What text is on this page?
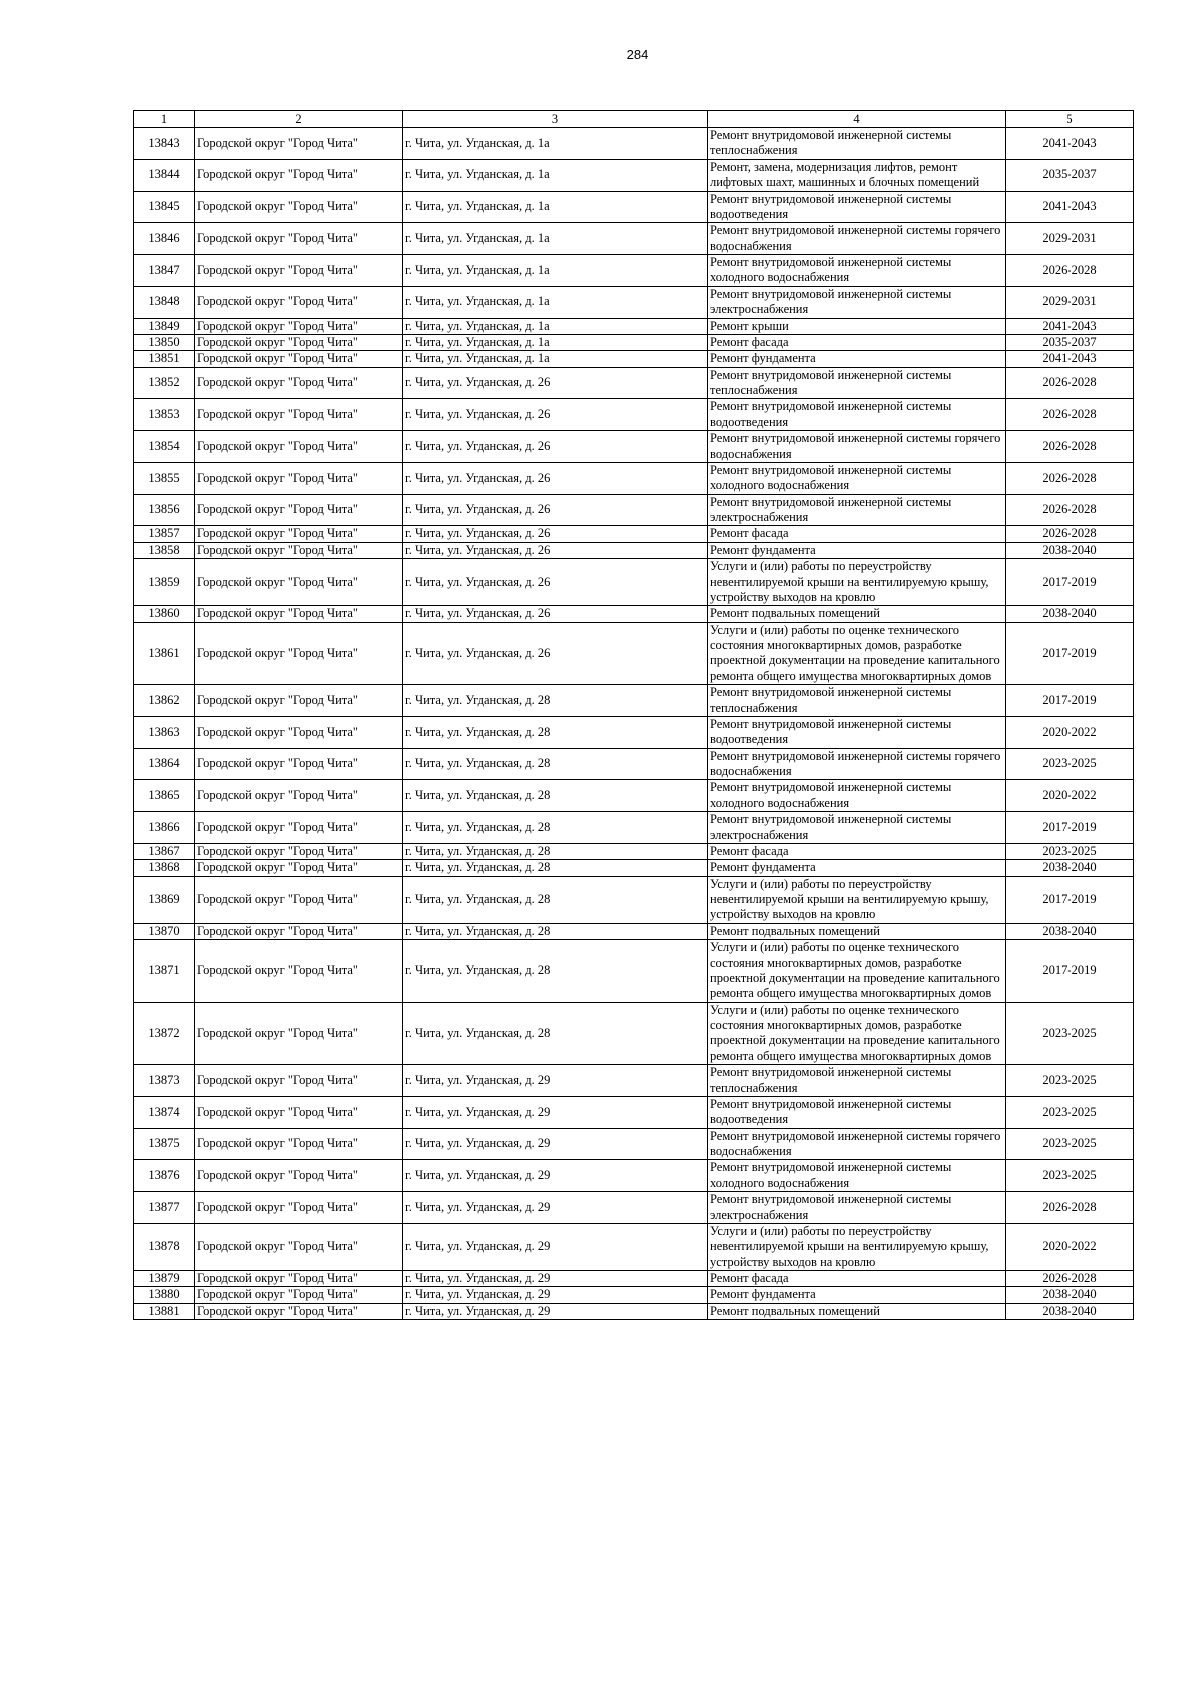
284
1	2	3	4	5
13843	Городской округ "Город Чита"	г. Чита, ул. Угданская, д. 1а	Ремонт внутридомовой инженерной системы теплоснабжения	2041-2043
13844	Городской округ "Город Чита"	г. Чита, ул. Угданская, д. 1а	Ремонт, замена, модернизация лифтов, ремонт лифтовых шахт, машинных и блочных помещений	2035-2037
13845	Городской округ "Город Чита"	г. Чита, ул. Угданская, д. 1а	Ремонт внутридомовой инженерной системы водоотведения	2041-2043
13846	Городской округ "Город Чита"	г. Чита, ул. Угданская, д. 1а	Ремонт внутридомовой инженерной системы горячего водоснабжения	2029-2031
13847	Городской округ "Город Чита"	г. Чита, ул. Угданская, д. 1а	Ремонт внутридомовой инженерной системы холодного водоснабжения	2026-2028
13848	Городской округ "Город Чита"	г. Чита, ул. Угданская, д. 1а	Ремонт внутридомовой инженерной системы электроснабжения	2029-2031
13849	Городской округ "Город Чита"	г. Чита, ул. Угданская, д. 1а	Ремонт крыши	2041-2043
13850	Городской округ "Город Чита"	г. Чита, ул. Угданская, д. 1а	Ремонт фасада	2035-2037
13851	Городской округ "Город Чита"	г. Чита, ул. Угданская, д. 1а	Ремонт фундамента	2041-2043
13852	Городской округ "Город Чита"	г. Чита, ул. Угданская, д. 26	Ремонт внутридомовой инженерной системы теплоснабжения	2026-2028
13853	Городской округ "Город Чита"	г. Чита, ул. Угданская, д. 26	Ремонт внутридомовой инженерной системы водоотведения	2026-2028
13854	Городской округ "Город Чита"	г. Чита, ул. Угданская, д. 26	Ремонт внутридомовой инженерной системы горячего водоснабжения	2026-2028
13855	Городской округ "Город Чита"	г. Чита, ул. Угданская, д. 26	Ремонт внутридомовой инженерной системы холодного водоснабжения	2026-2028
13856	Городской округ "Город Чита"	г. Чита, ул. Угданская, д. 26	Ремонт внутридомовой инженерной системы электроснабжения	2026-2028
13857	Городской округ "Город Чита"	г. Чита, ул. Угданская, д. 26	Ремонт фасада	2026-2028
13858	Городской округ "Город Чита"	г. Чита, ул. Угданская, д. 26	Ремонт фундамента	2038-2040
13859	Городской округ "Город Чита"	г. Чита, ул. Угданская, д. 26	Услуги и (или) работы по переустройству невентилируемой крыши на вентилируемую крышу, устройству выходов на кровлю	2017-2019
13860	Городской округ "Город Чита"	г. Чита, ул. Угданская, д. 26	Ремонт подвальных помещений	2038-2040
13861	Городской округ "Город Чита"	г. Чита, ул. Угданская, д. 26	Услуги и (или) работы по оценке технического состояния многоквартирных домов, разработке проектной документации на проведение капитального ремонта общего имущества многоквартирных домов	2017-2019
13862	Городской округ "Город Чита"	г. Чита, ул. Угданская, д. 28	Ремонт внутридомовой инженерной системы теплоснабжения	2017-2019
13863	Городской округ "Город Чита"	г. Чита, ул. Угданская, д. 28	Ремонт внутридомовой инженерной системы водоотведения	2020-2022
13864	Городской округ "Город Чита"	г. Чита, ул. Угданская, д. 28	Ремонт внутридомовой инженерной системы горячего водоснабжения	2023-2025
13865	Городской округ "Город Чита"	г. Чита, ул. Угданская, д. 28	Ремонт внутридомовой инженерной системы холодного водоснабжения	2020-2022
13866	Городской округ "Город Чита"	г. Чита, ул. Угданская, д. 28	Ремонт внутридомовой инженерной системы электроснабжения	2017-2019
13867	Городской округ "Город Чита"	г. Чита, ул. Угданская, д. 28	Ремонт фасада	2023-2025
13868	Городской округ "Город Чита"	г. Чита, ул. Угданская, д. 28	Ремонт фундамента	2038-2040
13869	Городской округ "Город Чита"	г. Чита, ул. Угданская, д. 28	Услуги и (или) работы по переустройству невентилируемой крыши на вентилируемую крышу, устройству выходов на кровлю	2017-2019
13870	Городской округ "Город Чита"	г. Чита, ул. Угданская, д. 28	Ремонт подвальных помещений	2038-2040
13871	Городской округ "Город Чита"	г. Чита, ул. Угданская, д. 28	Услуги и (или) работы по оценке технического состояния многоквартирных домов, разработке проектной документации на проведение капитального ремонта общего имущества многоквартирных домов	2017-2019
13872	Городской округ "Город Чита"	г. Чита, ул. Угданская, д. 28	Услуги и (или) работы по оценке технического состояния многоквартирных домов, разработке проектной документации на проведение капитального ремонта общего имущества многоквартирных домов	2023-2025
13873	Городской округ "Город Чита"	г. Чита, ул. Угданская, д. 29	Ремонт внутридомовой инженерной системы теплоснабжения	2023-2025
13874	Городской округ "Город Чита"	г. Чита, ул. Угданская, д. 29	Ремонт внутридомовой инженерной системы водоотведения	2023-2025
13875	Городской округ "Город Чита"	г. Чита, ул. Угданская, д. 29	Ремонт внутридомовой инженерной системы горячего водоснабжения	2023-2025
13876	Городской округ "Город Чита"	г. Чита, ул. Угданская, д. 29	Ремонт внутридомовой инженерной системы холодного водоснабжения	2023-2025
13877	Городской округ "Город Чита"	г. Чита, ул. Угданская, д. 29	Ремонт внутридомовой инженерной системы электроснабжения	2026-2028
13878	Городской округ "Город Чита"	г. Чита, ул. Угданская, д. 29	Услуги и (или) работы по переустройству невентилируемой крыши на вентилируемую крышу, устройству выходов на кровлю	2020-2022
13879	Городской округ "Город Чита"	г. Чита, ул. Угданская, д. 29	Ремонт фасада	2026-2028
13880	Городской округ "Город Чита"	г. Чита, ул. Угданская, д. 29	Ремонт фундамента	2038-2040
13881	Городской округ "Город Чита"	г. Чита, ул. Угданская, д. 29	Ремонт подвальных помещений	2038-2040
